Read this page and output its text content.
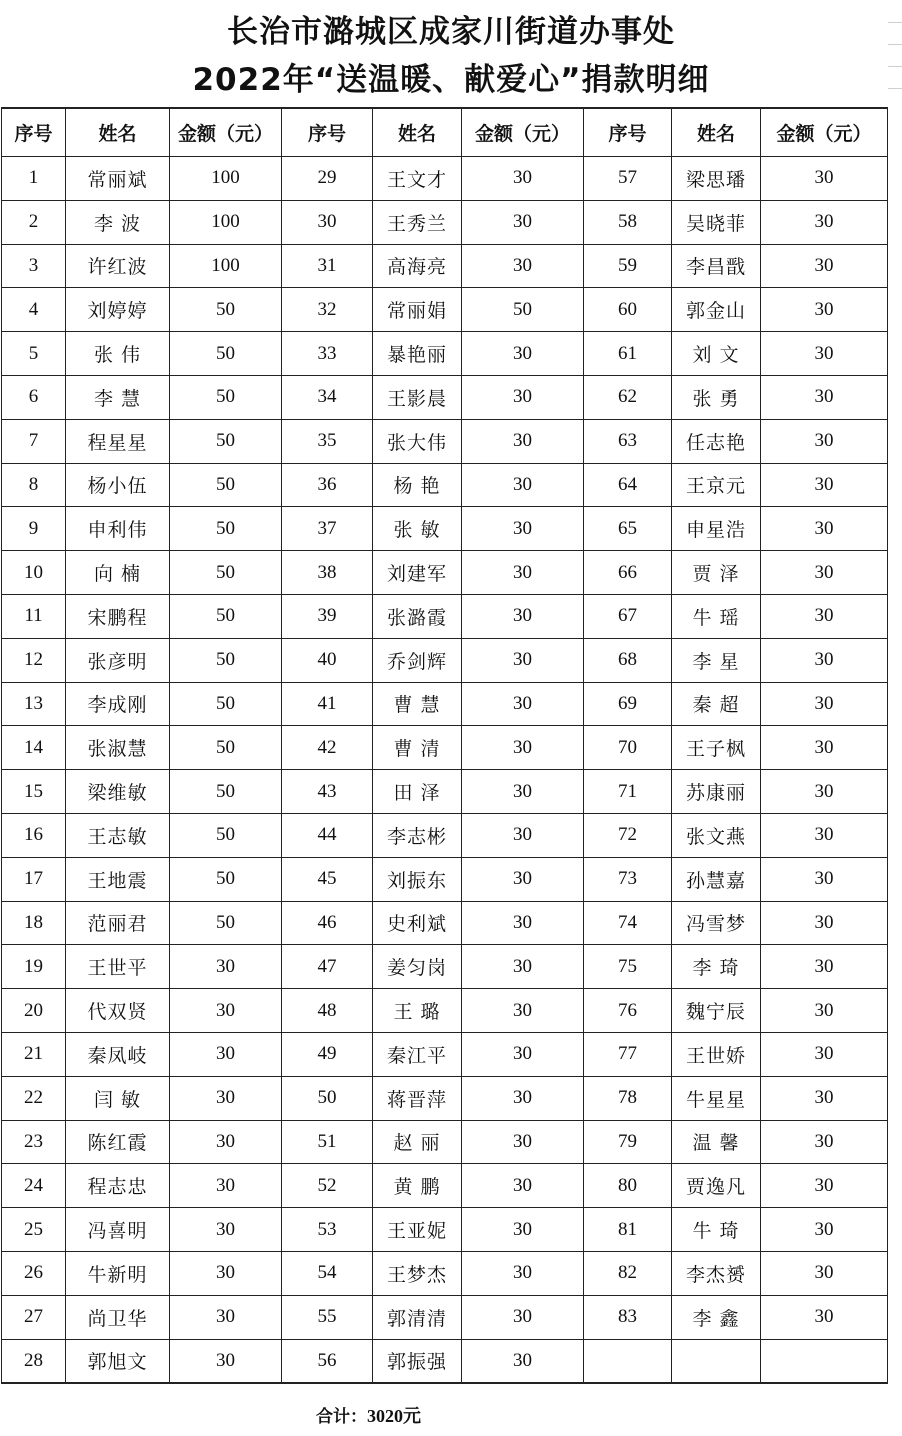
长治市潞城区成家川街道办事处
2022年“送温暖、献爱心”捐款明细
序号	姓名	金额（元）	序号	姓名	金额（元）	序号	姓名	金额（元）
1	常丽斌	100	29	王文才	30	57	梁思璠	30
2	李 波	100	30	王秀兰	30	58	吴晓菲	30
3	许红波	100	31	高海亮	30	59	李昌戬	30
4	刘婷婷	50	32	常丽娟	50	60	郭金山	30
5	张 伟	50	33	暴艳丽	30	61	刘 文	30
6	李 慧	50	34	王影晨	30	62	张 勇	30
7	程星星	50	35	张大伟	30	63	任志艳	30
8	杨小伍	50	36	杨 艳	30	64	王京元	30
9	申利伟	50	37	张 敏	30	65	申星浩	30
10	向 楠	50	38	刘建军	30	66	贾 泽	30
11	宋鹏程	50	39	张潞霞	30	67	牛 瑶	30
12	张彦明	50	40	乔剑辉	30	68	李 星	30
13	李成刚	50	41	曹 慧	30	69	秦 超	30
14	张淑慧	50	42	曹 清	30	70	王子枫	30
15	梁维敏	50	43	田 泽	30	71	苏康丽	30
16	王志敏	50	44	李志彬	30	72	张文燕	30
17	王地震	50	45	刘振东	30	73	孙慧嘉	30
18	范丽君	50	46	史利斌	30	74	冯雪梦	30
19	王世平	30	47	姜匀岗	30	75	李 琦	30
20	代双贤	30	48	王 璐	30	76	魏宁辰	30
21	秦凤岐	30	49	秦江平	30	77	王世娇	30
22	闫 敏	30	50	蒋晋萍	30	78	牛星星	30
23	陈红霞	30	51	赵 丽	30	79	温 馨	30
24	程志忠	30	52	黄 鹏	30	80	贾逸凡	30
25	冯喜明	30	53	王亚妮	30	81	牛 琦	30
26	牛新明	30	54	王梦杰	30	82	李杰赟	30
27	尚卫华	30	55	郭清清	30	83	李 鑫	30
28	郭旭文	30	56	郭振强	30			
合计：3020元
